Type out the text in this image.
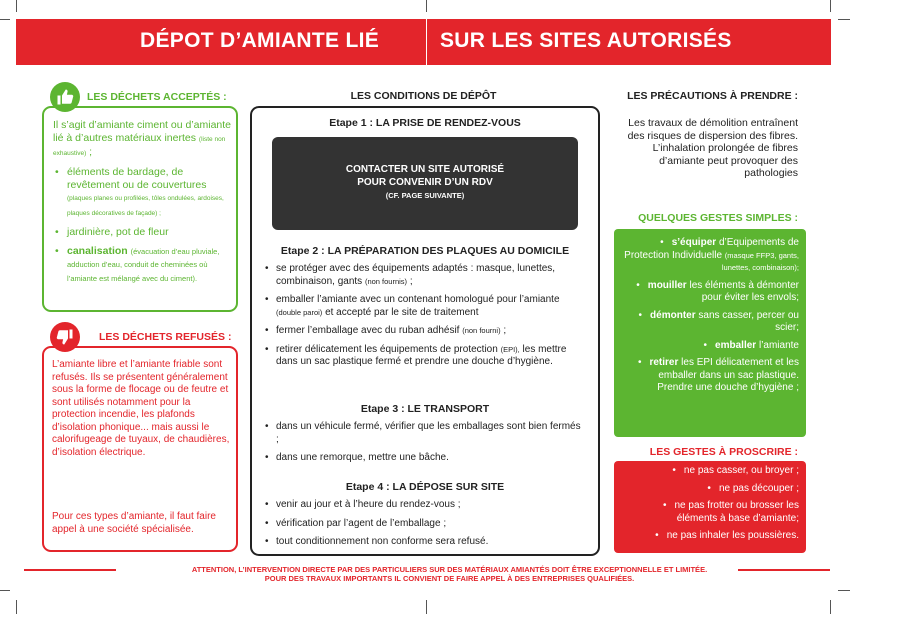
DÉPOT D’AMIANTE LIÉ	SUR LES SITES AUTORISÉS
LES DÉCHETS ACCEPTÉS :
Il s’agit d’amiante ciment ou d’amiante lié à d’autres matériaux inertes (liste non exhaustive) ;
• éléments de bardage, de revêtement ou de couvertures (plaques planes ou profilées, tôles ondulées, ardoises, plaques décoratives de façade) ;
• jardinière, pot de fleur
• canalisation (évacuation d’eau pluviale, adduction d’eau, conduit de cheminées où l’amiante est mélangé avec du ciment).
LES DÉCHETS REFUSÉS :
L’amiante libre et l’amiante friable sont refusés. Ils se présentent généralement sous la forme de flocage ou de feutre et sont utilisés notamment pour la protection incendie, les plafonds d’isolation phonique... mais aussi le calorifugeage de tuyaux, de chaudières, d’isolation électrique.
Pour ces types d’amiante, il faut faire appel à une société spécialisée.
LES CONDITIONS DE DÉPÔT
Etape 1 : LA PRISE DE RENDEZ-VOUS
CONTACTER UN SITE AUTORISÉ
POUR CONVENIR D’UN RDV
(CF. PAGE SUIVANTE)
Etape 2 : LA PRÉPARATION DES PLAQUES AU DOMICILE
• se protéger avec des équipements adaptés : masque, lunettes, combinaison, gants (non fournis) ;
• emballer l’amiante avec un contenant homologué pour l’amiante (double paroi) et accepté par le site de traitement
• fermer l’emballage avec du ruban adhésif (non fourni) ;
• retirer délicatement les équipements de protection (EPI), les mettre dans un sac plastique fermé et prendre une douche d’hygiène.
Etape 3 : LE TRANSPORT
• dans un véhicule fermé, vérifier que les emballages sont bien fermés ;
• dans une remorque, mettre une bâche.
Etape 4 : LA DÉPOSE SUR SITE
• venir au jour et à l’heure du rendez-vous ;
• vérification par l’agent de l’emballage ;
• tout conditionnement non conforme sera refusé.
LES PRÉCAUTIONS À PRENDRE :
Les travaux de démolition entraînent des risques de dispersion des fibres. L’inhalation prolongée de fibres d’amiante peut provoquer des pathologies
QUELQUES GESTES SIMPLES :
• s’équiper d’Equipements de Protection Individuelle (masque FFP3, gants, lunettes, combinaison);
• mouiller les éléments à démonter pour éviter les envols;
• démonter sans casser, percer ou scier;
• emballer l’amiante
• retirer les EPI délicatement et les emballer dans un sac plastique. Prendre une douche d’hygiène ;
LES GESTES À PROSCRIRE :
• ne pas casser, ou broyer ;
• ne pas découper ;
• ne pas frotter ou brosser les éléments à base d’amiante;
• ne pas inhaler les poussières.
ATTENTION, L’INTERVENTION DIRECTE PAR DES PARTICULIERS SUR DES MATÉRIAUX AMIANTÉS DOIT ÊTRE EXCEPTIONNELLE ET LIMITÉE.
POUR DES TRAVAUX IMPORTANTS IL CONVIENT DE FAIRE APPEL À DES ENTREPRISES QUALIFIÉES.
